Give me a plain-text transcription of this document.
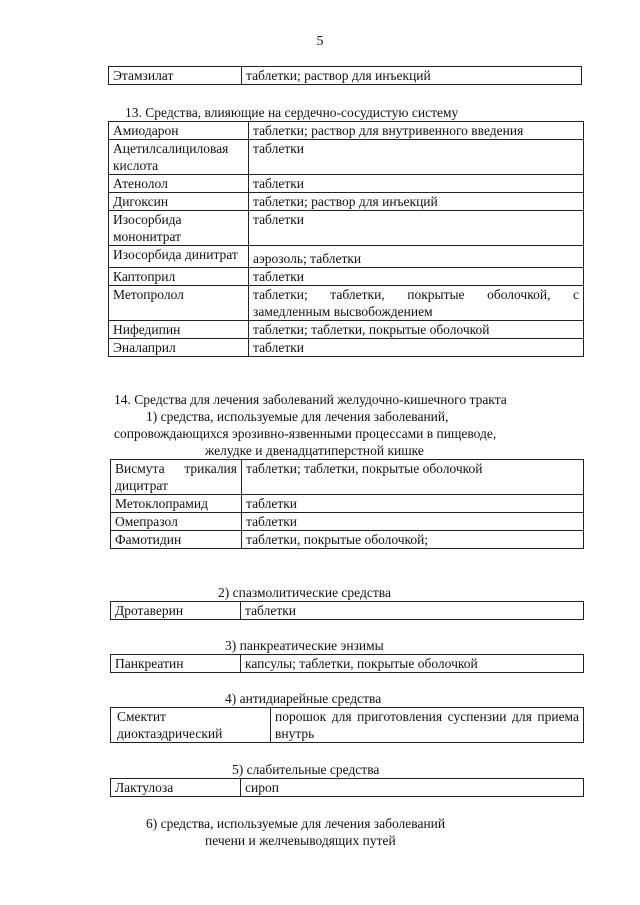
5
Этамзилат	таблетки; раствор для инъекций
13. Средства, влияющие на сердечно-сосудистую систему
Амиодарон	таблетки; раствор для внутривенного введения
Ацетилсалициловая кислота	таблетки
Атенолол	таблетки
Дигоксин	таблетки; раствор для инъекций
Изосорбида мононитрат	таблетки
Изосорбида динитрат	аэрозоль; таблетки
Каптоприл	таблетки
Метопролол	таблетки; таблетки, покрытые оболочкой, с замедленным высвобождением
Нифедипин	таблетки; таблетки, покрытые оболочкой
Эналаприл	таблетки
14. Средства для лечения заболеваний желудочно-кишечного тракта
1) средства, используемые для лечения заболеваний,
сопровождающихся эрозивно-язвенными процессами в пищеводе,
желудке и двенадцатиперстной кишке
Висмута трикалия дицитрат	таблетки; таблетки, покрытые оболочкой
Метоклопрамид	таблетки
Омепразол	таблетки
Фамотидин	таблетки, покрытые оболочкой;
2) спазмолитические средства
Дротаверин	таблетки
3) панкреатические энзимы
Панкреатин	капсулы; таблетки, покрытые оболочкой
4) антидиарейные средства
Смектит диоктаэдрический	порошок для приготовления суспензии для приема внутрь
5) слабительные средства
Лактулоза	сироп
6) средства, используемые для лечения заболеваний
печени и желчевыводящих путей
